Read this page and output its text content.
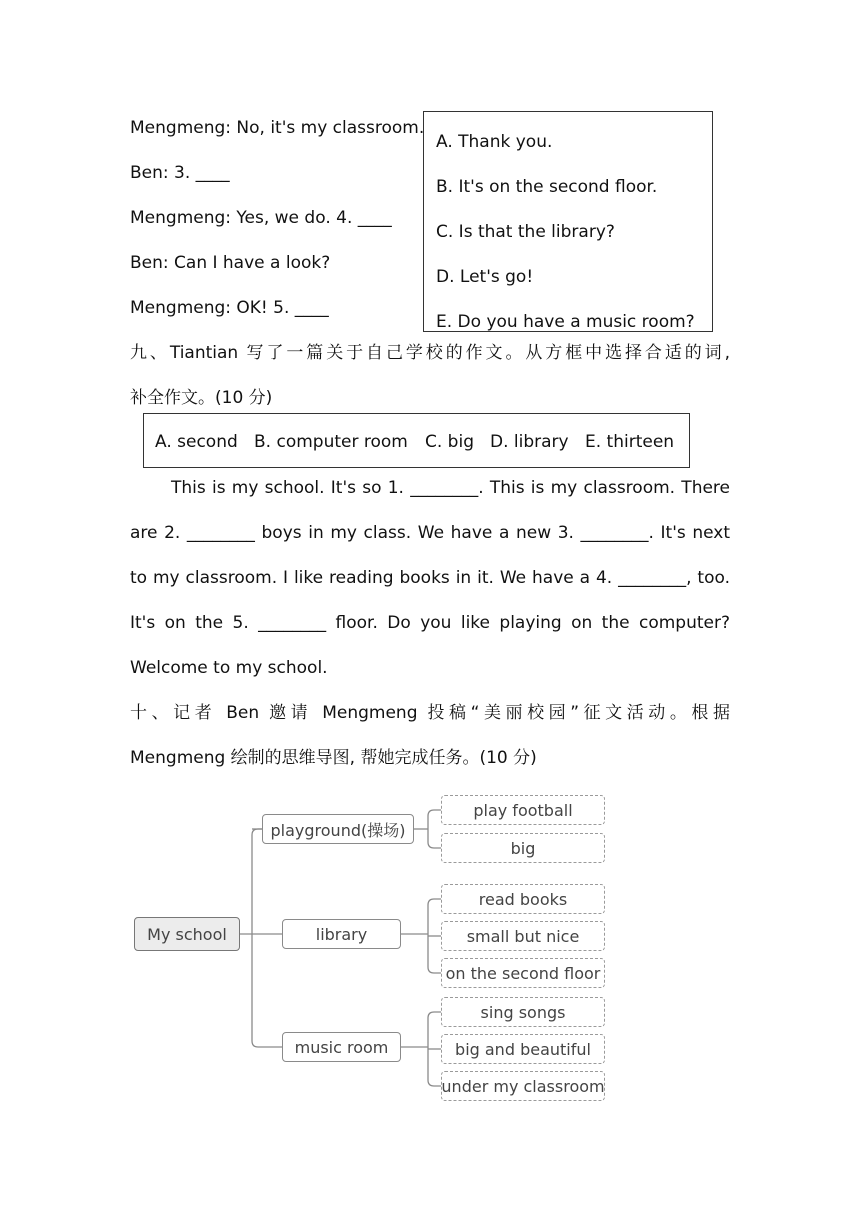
Mengmeng: No, it's my classroom.
Ben: 3. ____
Mengmeng: Yes, we do. 4. ____
Ben: Can I have a look?
Mengmeng: OK! 5. ____
A. Thank you.
B. It's on the second floor.
C. Is that the library?
D. Let's go!
E. Do you have a music room?
九、Tiantian 写了一篇关于自己学校的作文。从方框中选择合适的词,
补全作文。(10 分)
A. second B. computer room C. big D. library E. thirteen
This is my school. It's so 1. ________. This is my classroom. There
are 2. ________ boys in my class. We have a new 3. ________. It's next
to my classroom. I like reading books in it. We have a 4. ________, too.
It's on the 5. ________ floor. Do you like playing on the computer?
Welcome to my school.
十、记者 Ben 邀请 Mengmeng 投稿“美丽校园”征文活动。根据
Mengmeng 绘制的思维导图, 帮她完成任务。(10 分)
My school
playground(操场)
library
music room
play football
big
read books
small but nice
on the second floor
sing songs
big and beautiful
under my classroom
